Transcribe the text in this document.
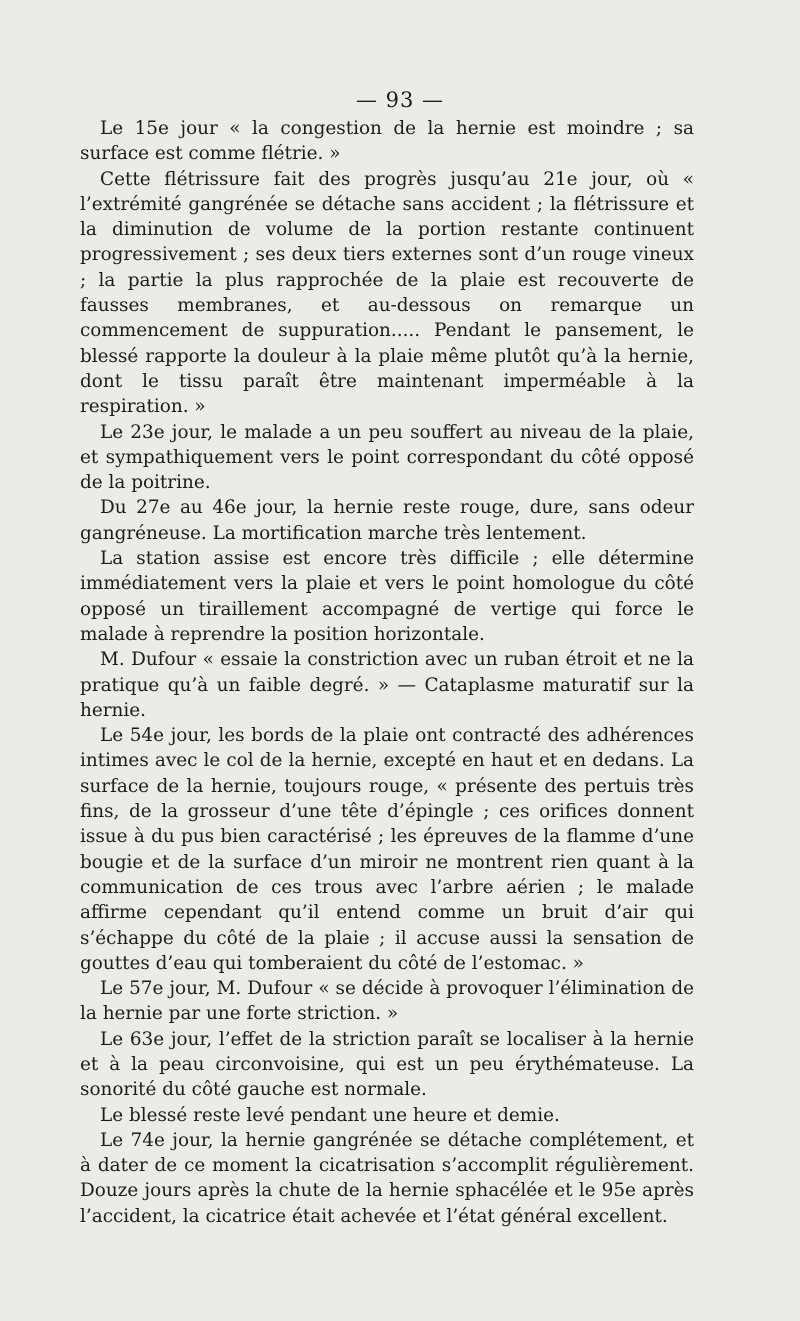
— 93 —

Le 15e jour « la congestion de la hernie est moindre ; sa surface est comme flétrie. »

Cette flétrissure fait des progrès jusqu’au 21e jour, où « l’extrémité gangrénée se détache sans accident ; la flétrissure et la diminution de volume de la portion restante continuent progressivement ; ses deux tiers externes sont d’un rouge vineux ; la partie la plus rapprochée de la plaie est recouverte de fausses membranes, et au-dessous on remarque un commencement de suppuration..... Pendant le pansement, le blessé rapporte la douleur à la plaie même plutôt qu’à la hernie, dont le tissu paraît être maintenant imperméable à la respiration. »

Le 23e jour, le malade a un peu souffert au niveau de la plaie, et sympathiquement vers le point correspondant du côté opposé de la poitrine.

Du 27e au 46e jour, la hernie reste rouge, dure, sans odeur gangréneuse. La mortification marche très lentement.

La station assise est encore très difficile ; elle détermine immédiatement vers la plaie et vers le point homologue du côté opposé un tiraillement accompagné de vertige qui force le malade à reprendre la position horizontale.

M. Dufour « essaie la constriction avec un ruban étroit et ne la pratique qu’à un faible degré. » — Cataplasme maturatif sur la hernie.

Le 54e jour, les bords de la plaie ont contracté des adhérences intimes avec le col de la hernie, excepté en haut et en dedans. La surface de la hernie, toujours rouge, « présente des pertuis très fins, de la grosseur d’une tête d’épingle ; ces orifices donnent issue à du pus bien caractérisé ; les épreuves de la flamme d’une bougie et de la surface d’un miroir ne montrent rien quant à la communication de ces trous avec l’arbre aérien ; le malade affirme cependant qu’il entend comme un bruit d’air qui s’échappe du côté de la plaie ; il accuse aussi la sensation de gouttes d’eau qui tomberaient du côté de l’estomac. »

Le 57e jour, M. Dufour « se décide à provoquer l’élimination de la hernie par une forte striction. »

Le 63e jour, l’effet de la striction paraît se localiser à la hernie et à la peau circonvoisine, qui est un peu érythémateuse. La sonorité du côté gauche est normale.

Le blessé reste levé pendant une heure et demie.

Le 74e jour, la hernie gangrénée se détache complétement, et à dater de ce moment la cicatrisation s’accomplit régulièrement. Douze jours après la chute de la hernie sphacélée et le 95e après l’accident, la cicatrice était achevée et l’état général excellent.
